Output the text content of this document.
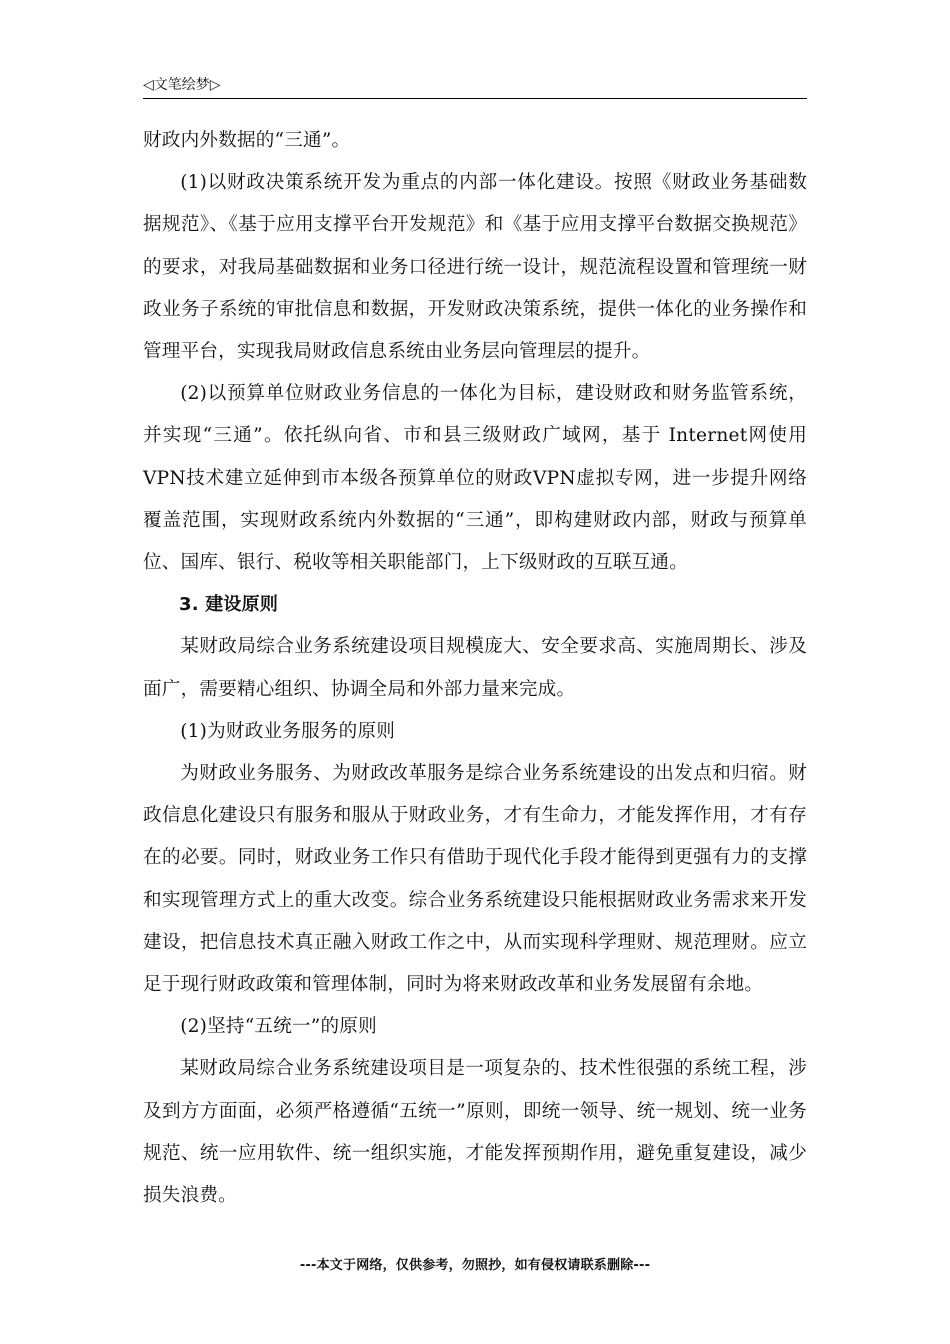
◁文笔绘梦▷

财政内外数据的“三通”。

(1)以财政决策系统开发为重点的内部一体化建设。按照《财政业务基础数据规范》、《基于应用支撑平台开发规范》和《基于应用支撑平台数据交换规范》的要求，对我局基础数据和业务口径进行统一设计，规范流程设置和管理统一财政业务子系统的审批信息和数据，开发财政决策系统，提供一体化的业务操作和管理平台，实现我局财政信息系统由业务层向管理层的提升。

(2)以预算单位财政业务信息的一体化为目标，建设财政和财务监管系统，并实现“三通”。依托纵向省、市和县三级财政广域网，基于 Internet网使用VPN技术建立延伸到市本级各预算单位的财政VPN虚拟专网，进一步提升网络覆盖范围，实现财政系统内外数据的“三通”，即构建财政内部，财政与预算单位、国库、银行、税收等相关职能部门，上下级财政的互联互通。

3. 建设原则

某财政局综合业务系统建设项目规模庞大、安全要求高、实施周期长、涉及面广，需要精心组织、协调全局和外部力量来完成。

(1)为财政业务服务的原则

为财政业务服务、为财政改革服务是综合业务系统建设的出发点和归宿。财政信息化建设只有服务和服从于财政业务，才有生命力，才能发挥作用，才有存在的必要。同时，财政业务工作只有借助于现代化手段才能得到更强有力的支撑和实现管理方式上的重大改变。综合业务系统建设只能根据财政业务需求来开发建设，把信息技术真正融入财政工作之中，从而实现科学理财、规范理财。应立足于现行财政政策和管理体制，同时为将来财政改革和业务发展留有余地。

(2)坚持“五统一”的原则

某财政局综合业务系统建设项目是一项复杂的、技术性很强的系统工程，涉及到方方面面，必须严格遵循“五统一”原则，即统一领导、统一规划、统一业务规范、统一应用软件、统一组织实施，才能发挥预期作用，避免重复建设，减少损失浪费。

---本文于网络，仅供参考，勿照抄，如有侵权请联系删除---
